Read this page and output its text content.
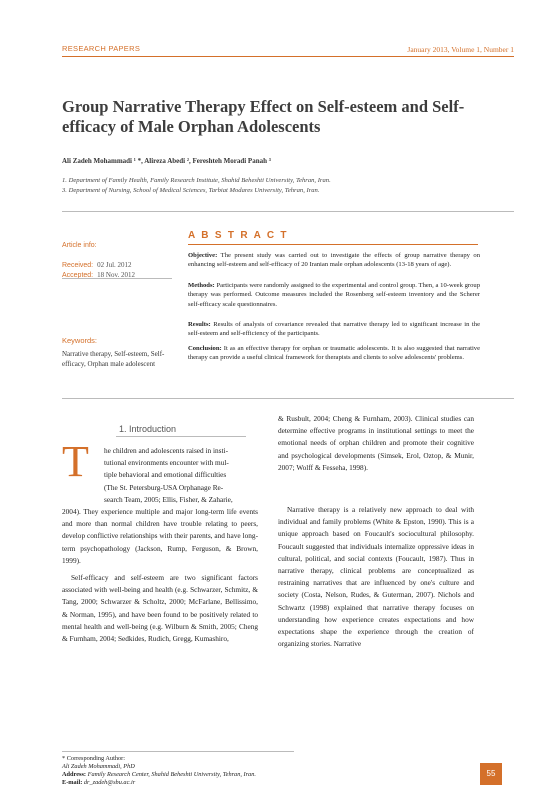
RESEARCH PAPERS	January 2013, Volume 1, Number 1
Group Narrative Therapy Effect on Self-esteem and Self-efficacy of Male Orphan Adolescents
Ali Zadeh Mohammadi ¹ *, Alireza Abedi ², Fereshteh Moradi Panah ³
1. Department of Family Health, Family Research Institute, Shahid Beheshti University, Tehran, Iran.
3. Department of Nursing, School of Medical Sciences, Tarbiat Modares University, Tehran, Iran.
Article info:
Received: 02 Jul. 2012
Accepted: 18 Nov. 2012
Keywords:
Narrative therapy, Self-esteem, Self-efficacy, Orphan male adolescent
A B S T R A C T
Objective: The present study was carried out to investigate the effects of group narrative therapy on enhancing self-esteem and self-efficacy of 20 Iranian male orphan adolescents (13-18 years of age).
Methods: Participants were randomly assigned to the experimental and control group. Then, a 10-week group therapy was performed. Outcome measures included the Rosenberg self-esteem inventory and the Scherer self-efficacy scale questionnaires.
Results: Results of analysis of covariance revealed that narrative therapy led to significant increase in the self-esteem and self-efficiency of the participants.
Conclusion: It as an effective therapy for orphan or traumatic adolescents. It is also suggested that narrative therapy can provide a useful clinical framework for therapists and clients to solve adolescents' problems.
1. Introduction
T he children and adolescents raised in insti-
tutional environments encounter with mul-
tiple behavioral and emotional difficulties
(The St. Petersburg-USA Orphanage Re-
search Team, 2005; Ellis, Fisher, & Zaharie,
2004). They experience multiple and major long-term life events and more than normal children have trouble relating to peers, develop conflictive relationships with their parents, and have long-term psychopathology (Jackson, Rump, Ferguson, & Brown, 1999).
Self-efficacy and self-esteem are two significant factors associated with well-being and health (e.g. Schwarzer, Schmitz, & Tang, 2000; Schwarzer & Scholtz, 2000; McFarlane, Bellissimo, & Norman, 1995), and have been found to be positively related to mental health and well-being (e.g. Wilburn & Smith, 2005; Cheng & Furnham, 2004; Sedkides, Rudich, Gregg, Kumashiro,
& Rusbult, 2004; Cheng & Furnham, 2003). Clinical studies can determine effective programs in institutional settings to meet the emotional needs of orphan children and promote their cognitive and psychological developments (Simsek, Erol, Oztop, & Munir, 2007; Wolff & Fesseha, 1998).
Narrative therapy is a relatively new approach to deal with individual and family problems (White & Epston, 1990). This is a unique approach based on Foucault's sociocultural philosophy. Foucault suggested that individuals internalize oppressive ideas in cultural, political, and social contexts (Foucault, 1987). Thus in narrative therapy, clinical problems are conceptualized as restraining narratives that are influenced by one's culture and society (Costa, Nelson, Rudes, & Guterman, 2007). Nichols and Schwartz (1998) explained that narrative therapy focuses on understanding how experience creates expectations and how expectations shape the experience through the creation of organizing stories. Narrative
* Corresponding Author:
Ali Zadeh Mohammadi, PhD
Address: Family Research Center, Shahid Beheshti University, Tehran, Iran.
E-mail: dr_zadeh@sbu.ac.ir
55
